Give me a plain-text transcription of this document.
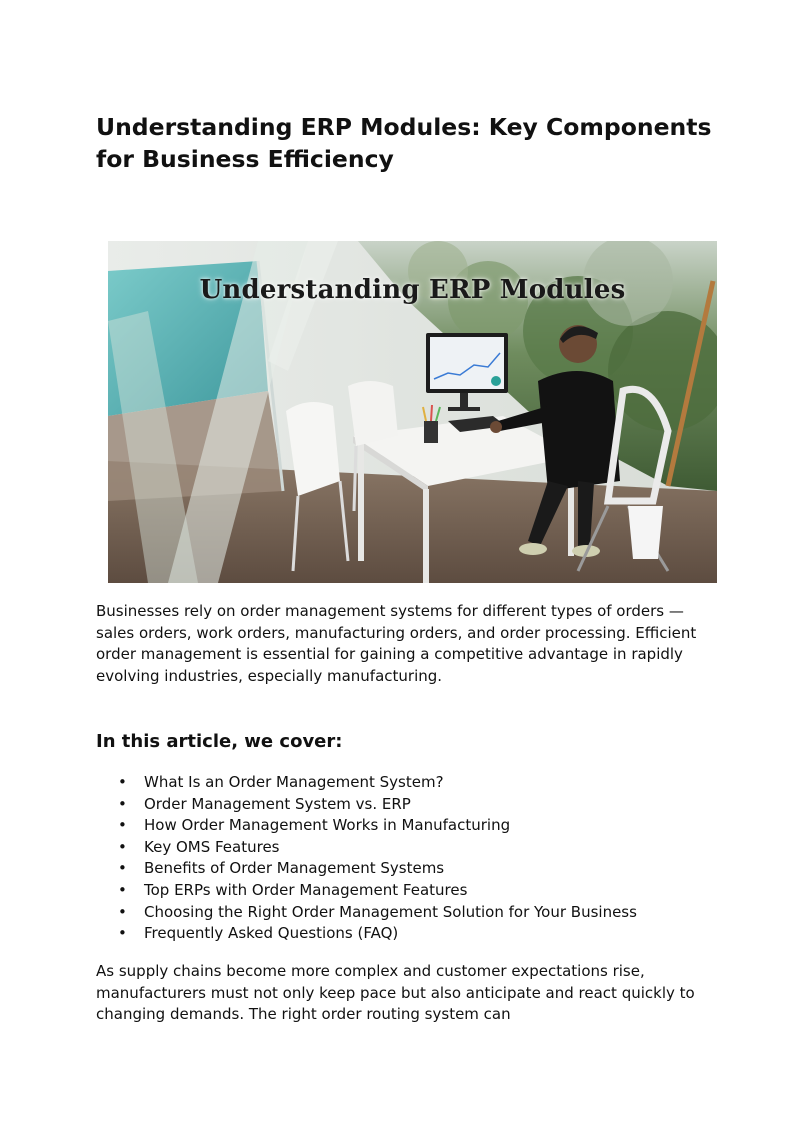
Understanding ERP Modules: Key Components for Business Efficiency
Understanding ERP Modules

Businesses rely on order management systems for different types of orders — sales orders, work orders, manufacturing orders, and order processing. Efficient order management is essential for gaining a competitive advantage in rapidly evolving industries, especially manufacturing.

In this article, we cover:
• What Is an Order Management System?
• Order Management System vs. ERP
• How Order Management Works in Manufacturing
• Key OMS Features
• Benefits of Order Management Systems
• Top ERPs with Order Management Features
• Choosing the Right Order Management Solution for Your Business
• Frequently Asked Questions (FAQ)

As supply chains become more complex and customer expectations rise, manufacturers must not only keep pace but also anticipate and react quickly to changing demands. The right order routing system can
